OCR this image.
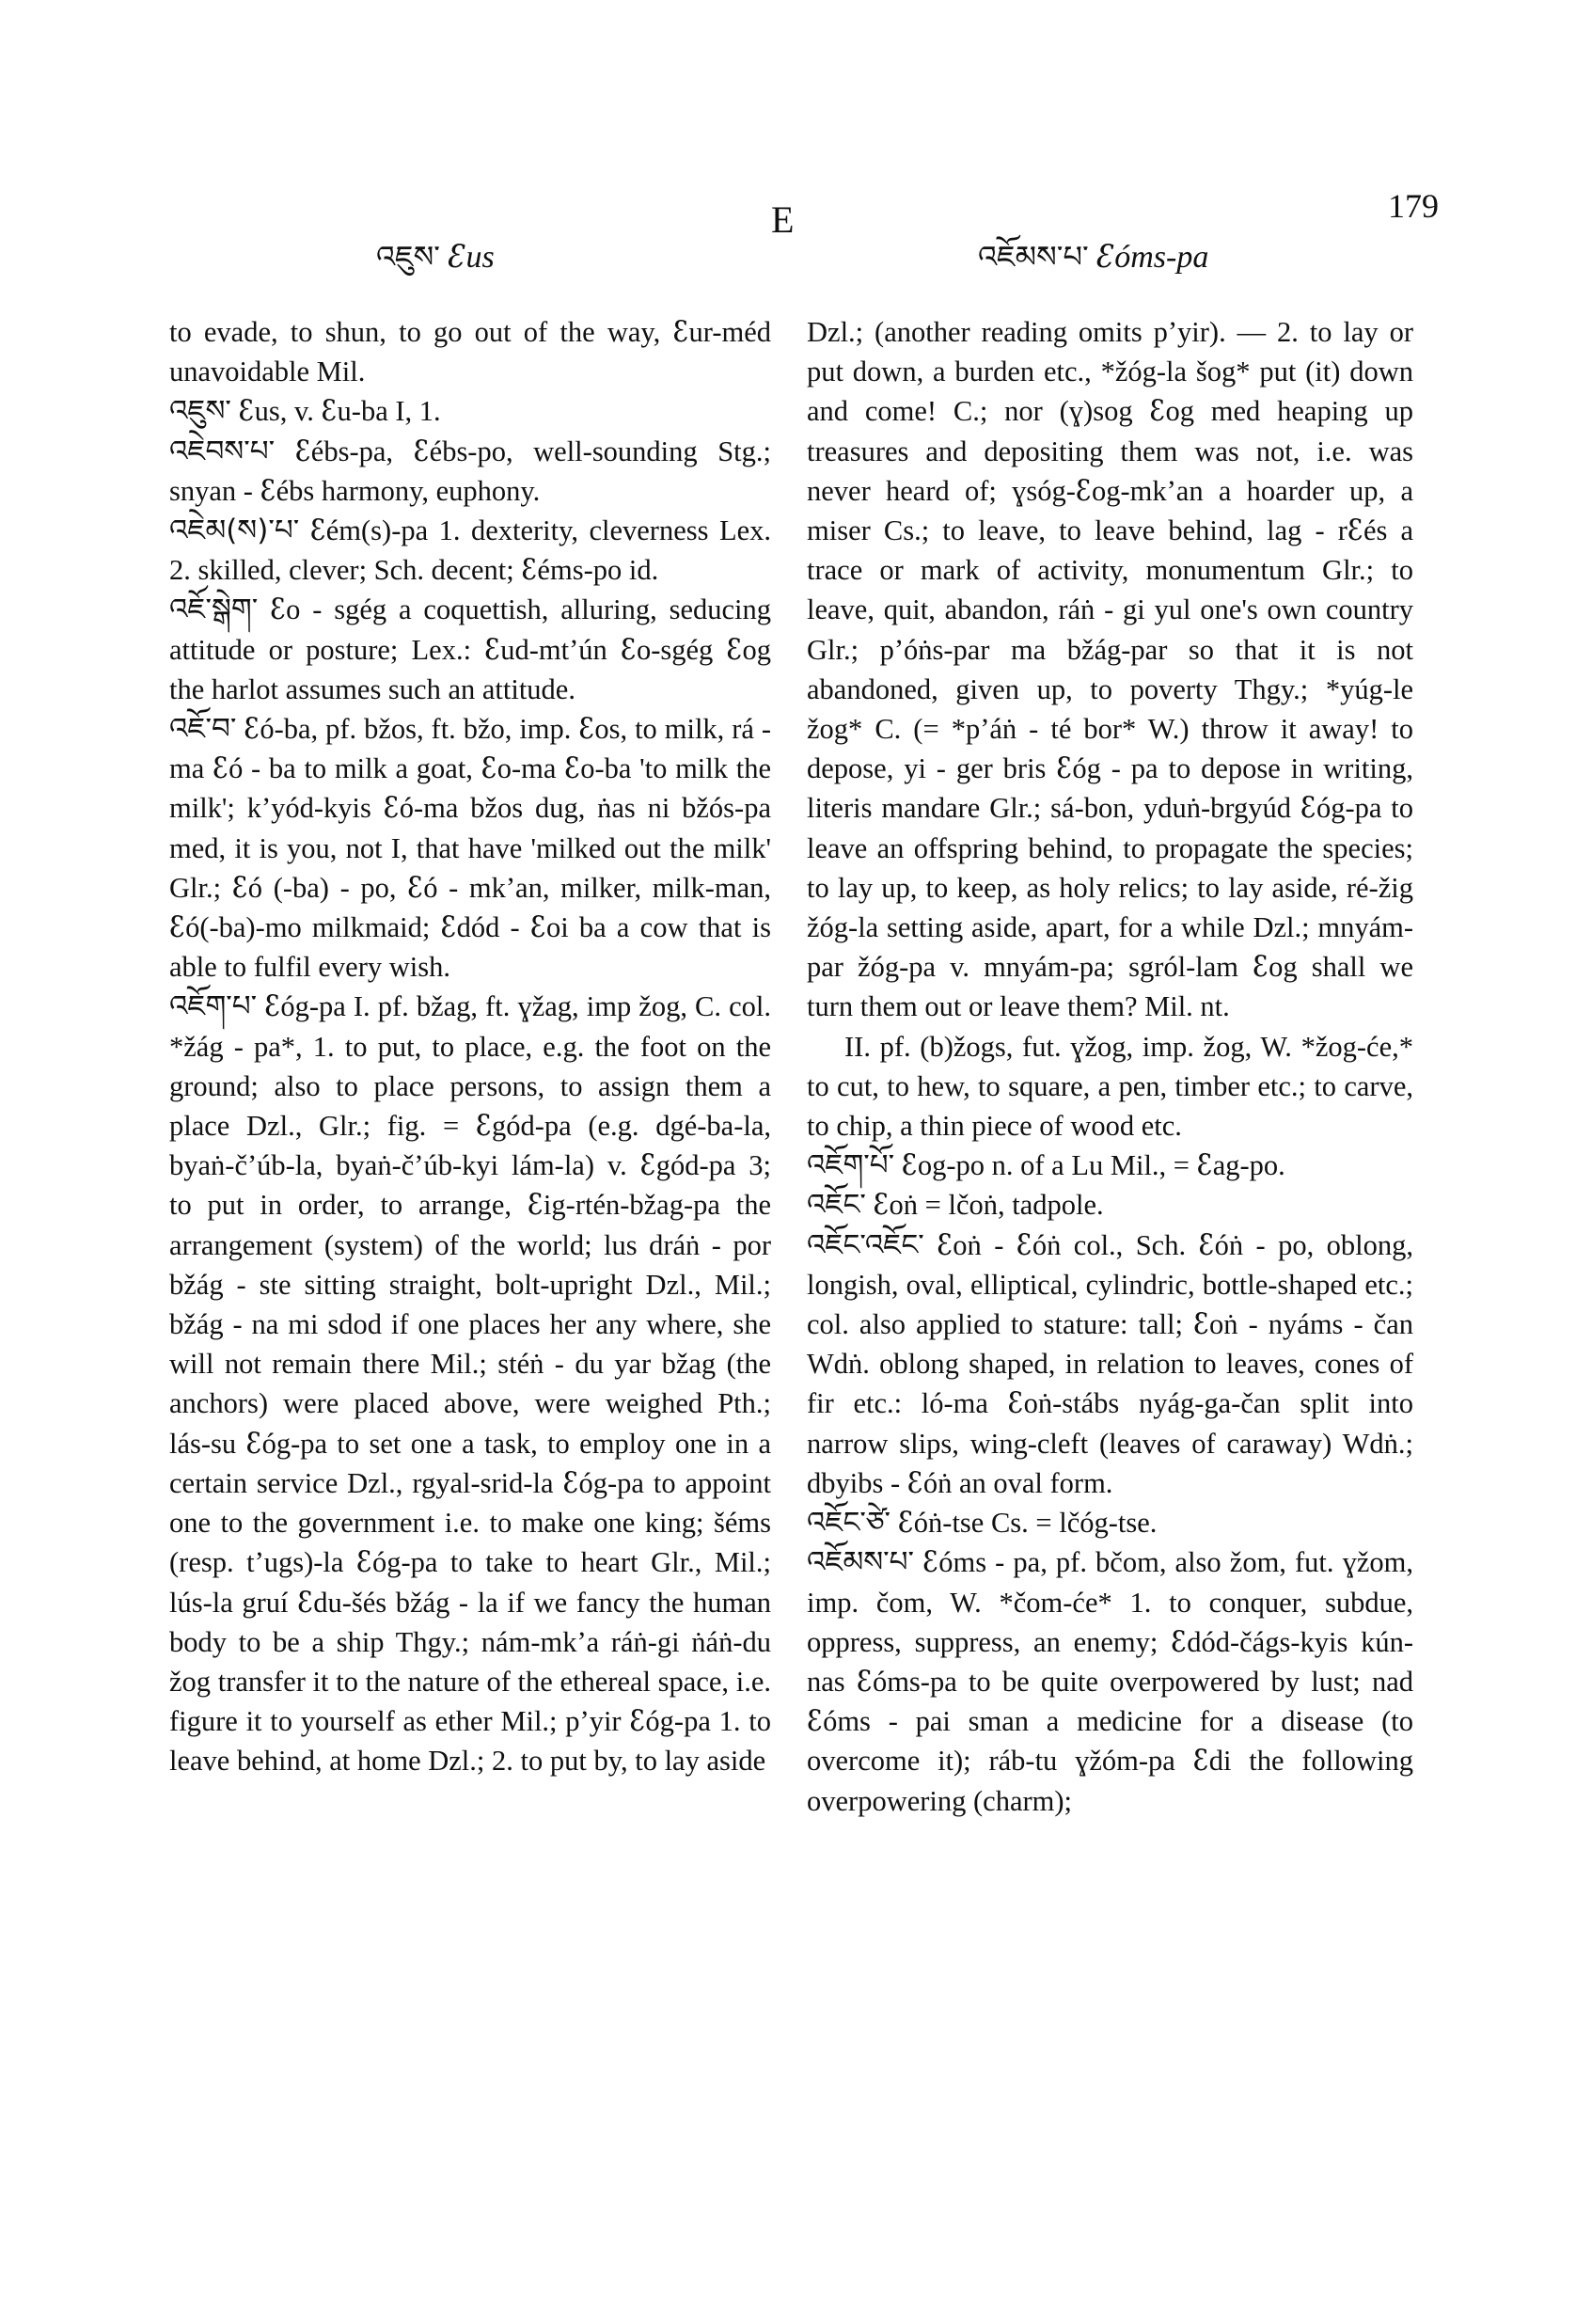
འཇུས་ ꜫus
E
འཇོམས་པ་ ꜫóms-pa
179

to evade, to shun, to go out of the way, ꜫur-méd unavoidable Mil.

འཇུས་ ꜫus, v. ꜫu-ba I, 1.

འཇེབས་པ་ ꜫébs-pa, ꜫébs-po, well-sounding Stg.; snyan - ꜫébs harmony, euphony.

འཇེམ(ས)་པ་ ꜫém(s)-pa 1. dexterity, cleverness Lex. 2. skilled, clever; Sch. decent; ꜫéms-po id.

འཇོ་སྒེག་ ꜫo - sgég a coquettish, alluring, seducing attitude or posture; Lex.: ꜫud-mtʼún ꜫo-sgég ꜫog the harlot assumes such an attitude.

འཇོ་བ་ ꜫó-ba, pf. bžos, ft. bžo, imp. ꜫos, to milk, rá - ma ꜫó - ba to milk a goat, ꜫo-ma ꜫo-ba 'to milk the milk'; kʼyód-kyis ꜫó-ma bžos dug, ṅas ni bžós-pa med, it is you, not I, that have 'milked out the milk' Glr.; ꜫó (-ba) - po, ꜫó - mkʼan, milker, milk-man, ꜫó(-ba)-mo milkmaid; ꜫdód - ꜫoi ba a cow that is able to fulfil every wish.

འཇོག་པ་ ꜫóg-pa I. pf. bžag, ft. ɣžag, imp žog, C. col. *žág - pa*, 1. to put, to place, e.g. the foot on the ground; also to place persons, to assign them a place Dzl., Glr.; fig. = ꜫgód-pa (e.g. dgé-ba-la, byaṅ-čʼúb-la, byaṅ-čʼúb-kyi lám-la) v. ꜫgód-pa 3; to put in order, to arrange, ꜫig-rtén-bžag-pa the arrangement (system) of the world; lus dráṅ - por bžág - ste sitting straight, bolt-upright Dzl., Mil.; bžág - na mi sdod if one places her any where, she will not remain there Mil.; stéṅ - du yar bžag (the anchors) were placed above, were weighed Pth.; lás-su ꜫóg-pa to set one a task, to employ one in a certain service Dzl., rgyal-srid-la ꜫóg-pa to appoint one to the government i.e. to make one king; šéms (resp. tʼugs)-la ꜫóg-pa to take to heart Glr., Mil.; lús-la gruí ꜫdu-šés bžág - la if we fancy the human body to be a ship Thgy.; nám-mkʼa ráṅ-gi ṅáṅ-du žog transfer it to the nature of the ethereal space, i.e. figure it to yourself as ether Mil.; pʼyir ꜫóg-pa 1. to leave behind, at home Dzl.; 2. to put by, to lay aside

Dzl.; (another reading omits pʼyir). — 2. to lay or put down, a burden etc., *žóg-la šog* put (it) down and come! C.; nor (ɣ)sog ꜫog med heaping up treasures and depositing them was not, i.e. was never heard of; ɣsóg-ꜫog-mkʼan a hoarder up, a miser Cs.; to leave, to leave behind, lag - rꜫés a trace or mark of activity, monumentum Glr.; to leave, quit, abandon, ráṅ - gi yul one's own country Glr.; pʼóṅs-par ma bžág-par so that it is not abandoned, given up, to poverty Thgy.; *yúg-le žog* C. (= *pʼáṅ - té bor* W.) throw it away! to depose, yi - ger bris ꜫóg - pa to depose in writing, literis mandare Glr.; sá-bon, yduṅ-brgyúd ꜫóg-pa to leave an offspring behind, to propagate the species; to lay up, to keep, as holy relics; to lay aside, ré-žig žóg-la setting aside, apart, for a while Dzl.; mnyám-par žóg-pa v. mnyám-pa; sgról-lam ꜫog shall we turn them out or leave them? Mil. nt.

II. pf. (b)žogs, fut. ɣžog, imp. žog, W. *žog-će,* to cut, to hew, to square, a pen, timber etc.; to carve, to chip, a thin piece of wood etc.

འཇོག་པོ་ ꜫog-po n. of a Lu Mil., = ꜫag-po.

འཇོང་ ꜫoṅ = lčoṅ, tadpole.

འཇོང་འཇོང་ ꜫoṅ - ꜫóṅ col., Sch. ꜫóṅ - po, oblong, longish, oval, elliptical, cylindric, bottle-shaped etc.; col. also applied to stature: tall; ꜫoṅ - nyáms - čan Wdṅ. oblong shaped, in relation to leaves, cones of fir etc.: ló-ma ꜫoṅ-stábs nyág-ga-čan split into narrow slips, wing-cleft (leaves of caraway) Wdṅ.; dbyibs - ꜫóṅ an oval form.

འཇོང་ཙེ་ ꜫóṅ-tse Cs. = lčóg-tse.

འཇོམས་པ་ ꜫóms - pa, pf. bčom, also žom, fut. ɣžom, imp. čom, W. *čom-će* 1. to conquer, subdue, oppress, suppress, an enemy; ꜫdód-čágs-kyis kún-nas ꜫóms-pa to be quite overpowered by lust; nad ꜫóms - pai sman a medicine for a disease (to overcome it); ráb-tu ɣžóm-pa ꜫdi the following overpowering (charm);
